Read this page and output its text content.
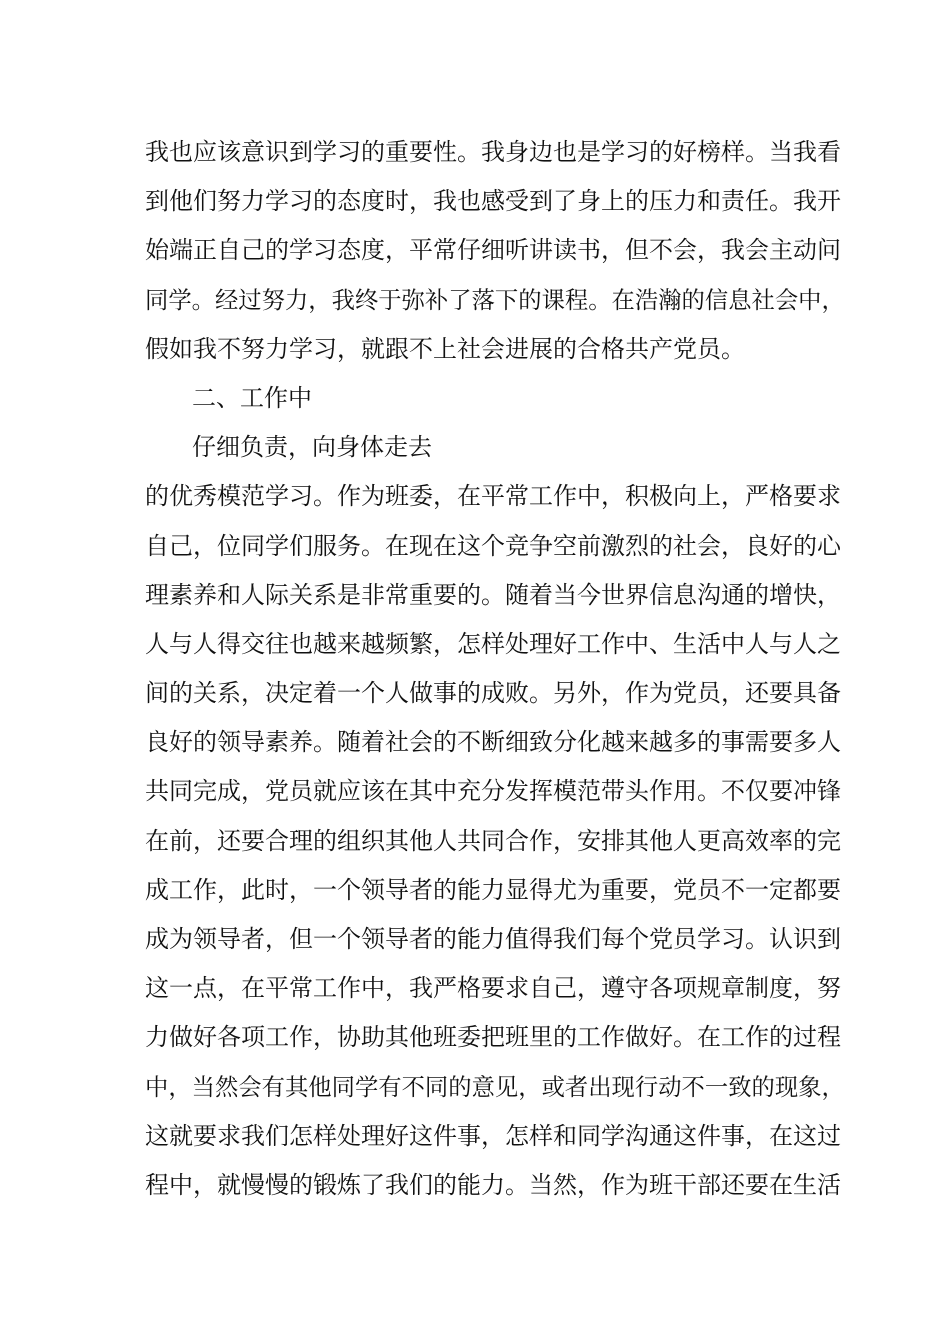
我也应该意识到学习的重要性。我身边也是学习的好榜样。当我看
到他们努力学习的态度时，我也感受到了身上的压力和责任。我开
始端正自己的学习态度，平常仔细听讲读书，但不会，我会主动问
同学。经过努力，我终于弥补了落下的课程。在浩瀚的信息社会中，
假如我不努力学习，就跟不上社会进展的合格共产党员。
二、工作中
仔细负责，向身体走去
的优秀模范学习。作为班委，在平常工作中，积极向上，严格要求
自己，位同学们服务。在现在这个竞争空前激烈的社会，良好的心
理素养和人际关系是非常重要的。随着当今世界信息沟通的增快，
人与人得交往也越来越频繁，怎样处理好工作中、生活中人与人之
间的关系，决定着一个人做事的成败。另外，作为党员，还要具备
良好的领导素养。随着社会的不断细致分化越来越多的事需要多人
共同完成，党员就应该在其中充分发挥模范带头作用。不仅要冲锋
在前，还要合理的组织其他人共同合作，安排其他人更高效率的完
成工作，此时，一个领导者的能力显得尤为重要，党员不一定都要
成为领导者，但一个领导者的能力值得我们每个党员学习。认识到
这一点，在平常工作中，我严格要求自己，遵守各项规章制度，努
力做好各项工作，协助其他班委把班里的工作做好。在工作的过程
中，当然会有其他同学有不同的意见，或者出现行动不一致的现象，
这就要求我们怎样处理好这件事，怎样和同学沟通这件事，在这过
程中，就慢慢的锻炼了我们的能力。当然，作为班干部还要在生活
